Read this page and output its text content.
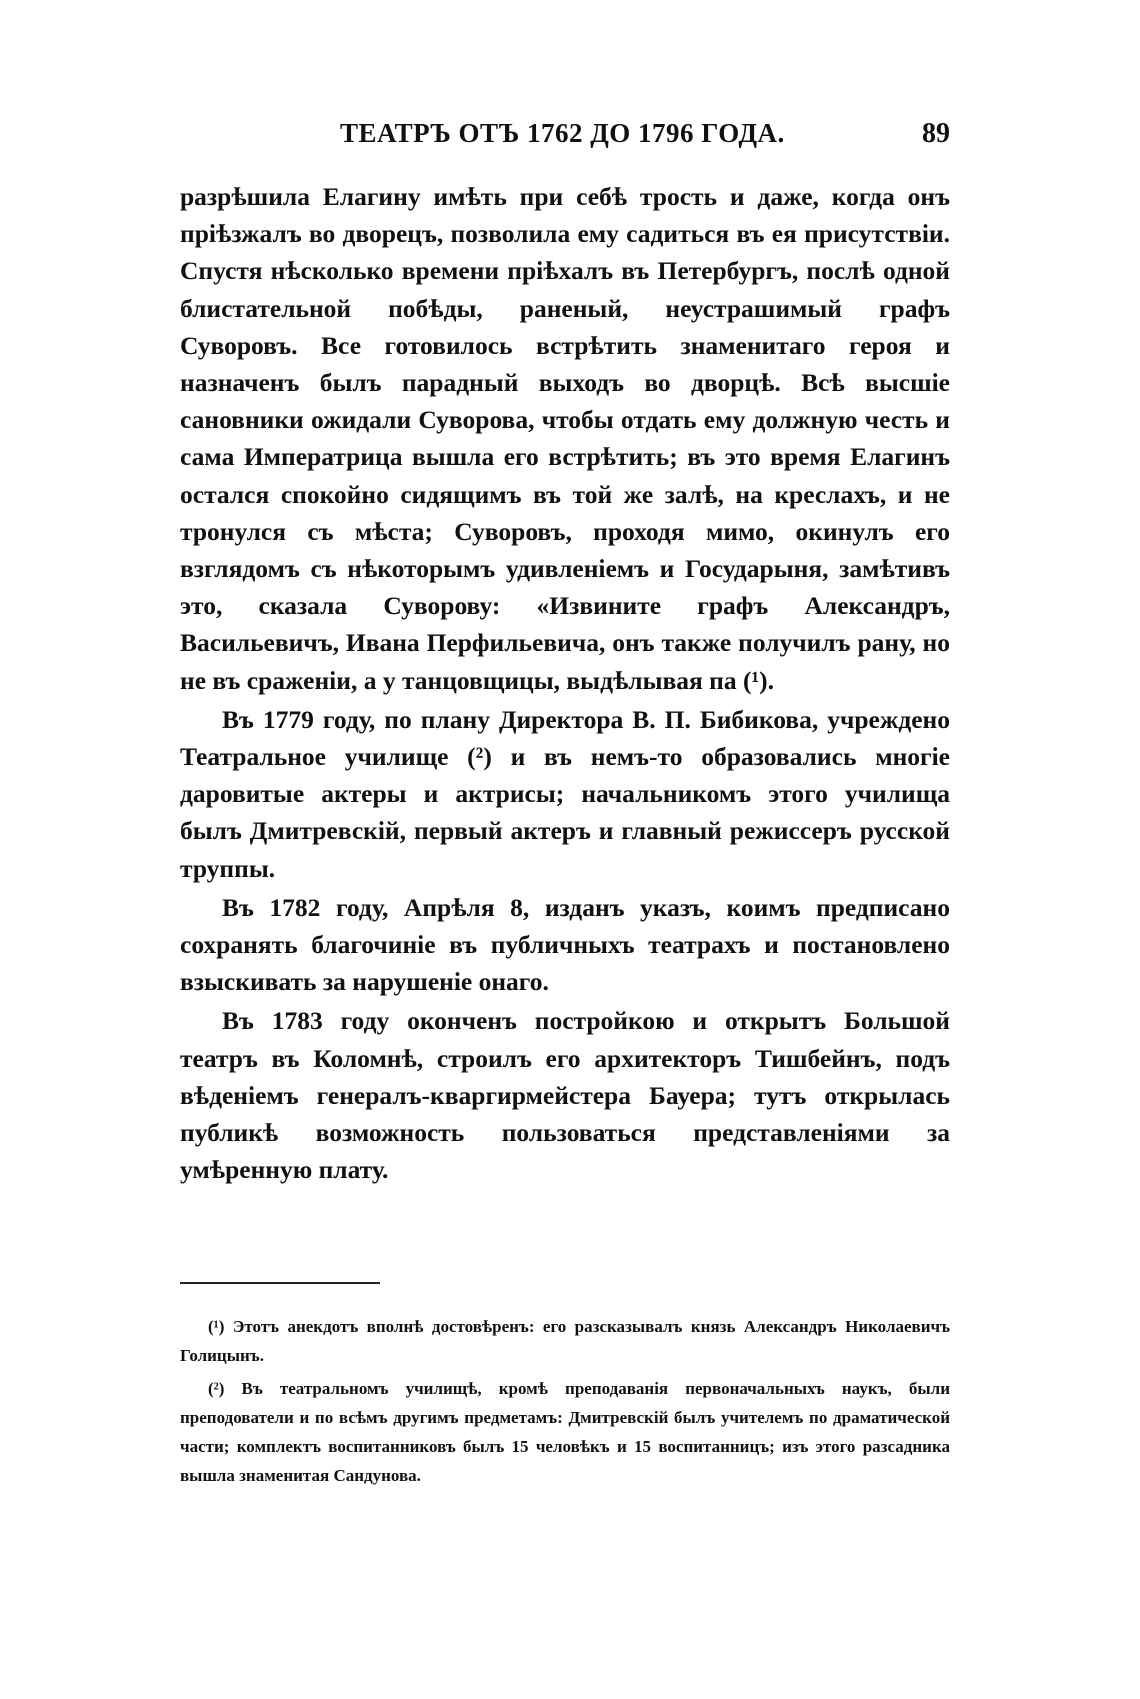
ТЕАТРЪ ОТЪ 1762 ДО 1796 ГОДА.	89

разрѣшила Елагину имѣть при себѣ трость и даже, когда онъ пріѣзжалъ во дворецъ, позволила ему садиться въ ея присутствіи. Спустя нѣсколько времени пріѣхалъ въ Петербургъ, послѣ одной блистательной побѣды, раненый, неустрашимый графъ Суворовъ. Все готовилось встрѣтить знаменитаго героя и назначенъ былъ парадный выходъ во дворцѣ. Всѣ высшіе сановники ожидали Суворова, чтобы отдать ему должную честь и сама Императрица вышла его встрѣтить; въ это время Елагинъ остался спокойно сидящимъ въ той же залѣ, на креслахъ, и не тронулся съ мѣста; Суворовъ, проходя мимо, окинулъ его взглядомъ съ нѣкоторымъ удивленіемъ и Государыня, замѣтивъ это, сказала Суворову: «Извините графъ Александръ, Васильевичъ, Ивана Перфильевича, онъ также получилъ рану, но не въ сраженіи, а у танцовщицы, выдѣлывая па (¹).

Въ 1779 году, по плану Директора В. П. Бибикова, учреждено Театральное училище (²) и въ немъ-то образовались многіе даровитые актеры и актрисы; начальникомъ этого училища былъ Дмитревскій, первый актеръ и главный режиссеръ русской труппы.

Въ 1782 году, Апрѣля 8, изданъ указъ, коимъ предписано сохранять благочиніе въ публичныхъ театрахъ и постановлено взыскивать за нарушеніе онаго.

Въ 1783 году оконченъ постройкою и открытъ Большой театръ въ Коломнѣ, строилъ его архитекторъ Тишбейнъ, подъ вѣденіемъ генералъ-кваргирмейстера Бауера; тутъ открылась публикѣ возможность пользоваться представленіями за умѣренную плату.

(¹) Этотъ анекдотъ вполнѣ достовѣренъ: его разсказывалъ князь Александръ Николаевичъ Голицынъ.

(²) Въ театральномъ училищѣ, кромѣ преподаванія первоначальныхъ наукъ, были преподователи и по всѣмъ другимъ предметамъ: Дмитревскій былъ учителемъ по драматической части; комплектъ воспитанниковъ былъ 15 человѣкъ и 15 воспитанницъ; изъ этого разсадника вышла знаменитая Сандунова.
